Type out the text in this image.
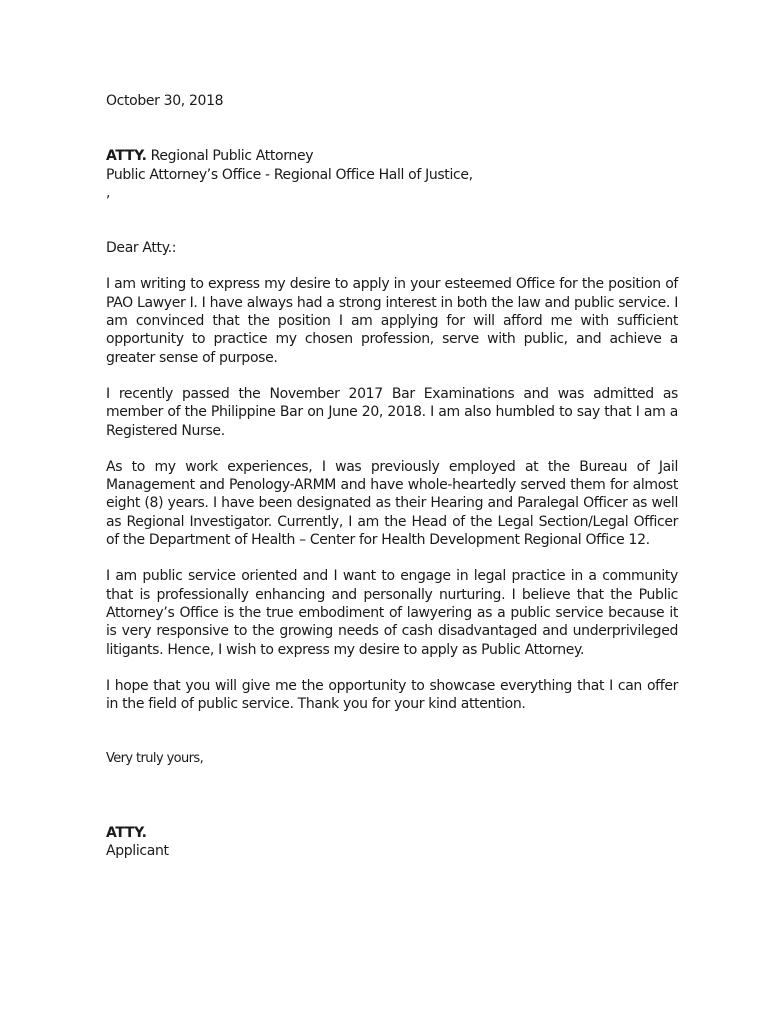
October 30, 2018
ATTY. Regional Public Attorney
Public Attorney’s Office - Regional Office Hall of Justice,
,
Dear Atty.:

I am writing to express my desire to apply in your esteemed Office for the position of PAO Lawyer I. I have always had a strong interest in both the law and public service. I am convinced that the position I am applying for will afford me with sufficient opportunity to practice my chosen profession, serve with public, and achieve a greater sense of purpose.

I recently passed the November 2017 Bar Examinations and was admitted as member of the Philippine Bar on June 20, 2018. I am also humbled to say that I am a Registered Nurse.

As to my work experiences, I was previously employed at the Bureau of Jail Management and Penology-ARMM and have whole-heartedly served them for almost eight (8) years. I have been designated as their Hearing and Paralegal Officer as well as Regional Investigator. Currently, I am the Head of the Legal Section/Legal Officer of the Department of Health – Center for Health Development Regional Office 12.

I am public service oriented and I want to engage in legal practice in a community that is professionally enhancing and personally nurturing. I believe that the Public Attorney’s Office is the true embodiment of lawyering as a public service because it is very responsive to the growing needs of cash disadvantaged and underprivileged litigants. Hence, I wish to express my desire to apply as Public Attorney.

I hope that you will give me the opportunity to showcase everything that I can offer in the field of public service. Thank you for your kind attention.

Very truly yours,
ATTY.
Applicant
